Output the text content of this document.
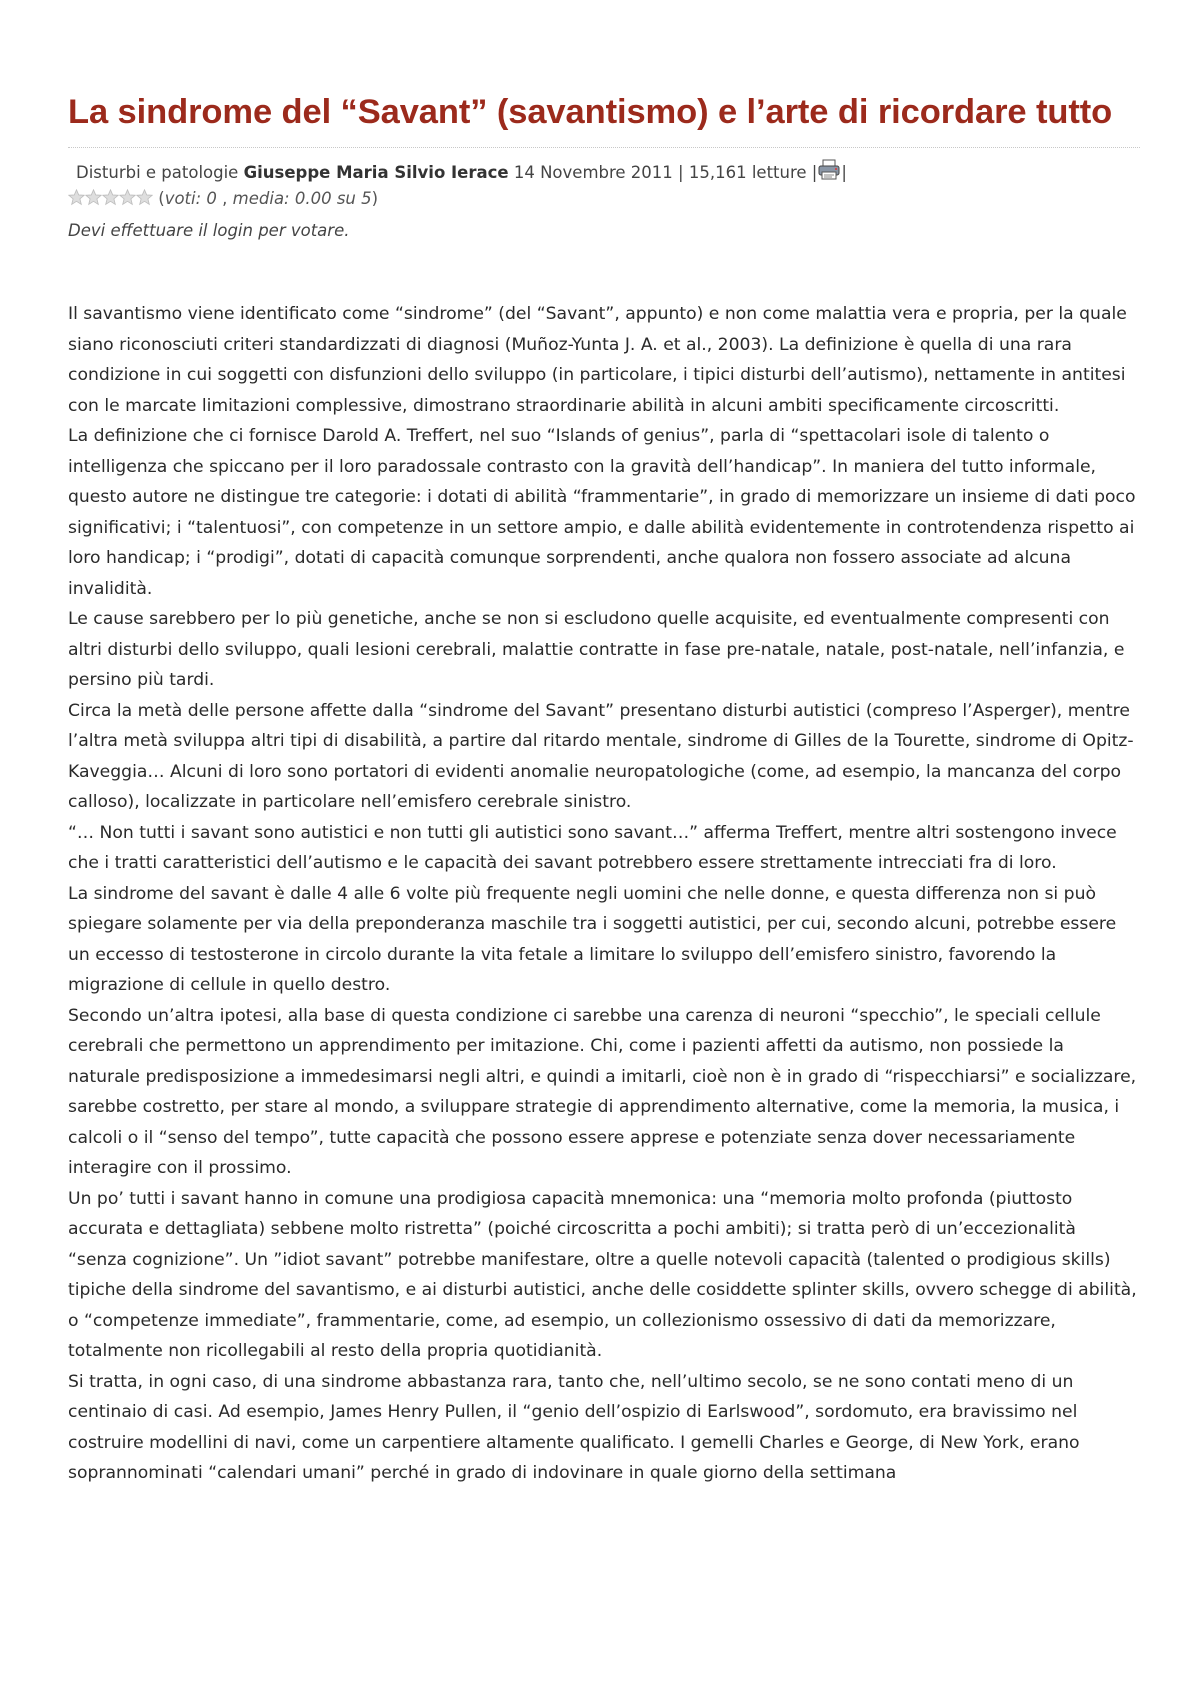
La sindrome del “Savant” (savantismo) e l’arte di ricordare tutto
Disturbi e patologie Giuseppe Maria Silvio Ierace 14 Novembre 2011 | 15,161 letture | |
(voti: 0 , media: 0.00 su 5)
Devi effettuare il login per votare.

Il savantismo viene identificato come “sindrome” (del “Savant”, appunto) e non come malattia vera e propria, per la quale siano riconosciuti criteri standardizzati di diagnosi (Muñoz-Yunta J. A. et al., 2003). La definizione è quella di una rara condizione in cui soggetti con disfunzioni dello sviluppo (in particolare, i tipici disturbi dell’autismo), nettamente in antitesi con le marcate limitazioni complessive, dimostrano straordinarie abilità in alcuni ambiti specificamente circoscritti.

La definizione che ci fornisce Darold A. Treffert, nel suo “Islands of genius”, parla di “spettacolari isole di talento o intelligenza che spiccano per il loro paradossale contrasto con la gravità dell’handicap”. In maniera del tutto informale, questo autore ne distingue tre categorie: i dotati di abilità “frammentarie”, in grado di memorizzare un insieme di dati poco significativi; i “talentuosi”, con competenze in un settore ampio, e dalle abilità evidentemente in controtendenza rispetto ai loro handicap; i “prodigi”, dotati di capacità comunque sorprendenti, anche qualora non fossero associate ad alcuna invalidità.

Le cause sarebbero per lo più genetiche, anche se non si escludono quelle acquisite, ed eventualmente compresenti con altri disturbi dello sviluppo, quali lesioni cerebrali, malattie contratte in fase pre-natale, natale, post-natale, nell’infanzia, e persino più tardi.

Circa la metà delle persone affette dalla “sindrome del Savant” presentano disturbi autistici (compreso l’Asperger), mentre l’altra metà sviluppa altri tipi di disabilità, a partire dal ritardo mentale, sindrome di Gilles de la Tourette, sindrome di Opitz-Kaveggia… Alcuni di loro sono portatori di evidenti anomalie neuropatologiche (come, ad esempio, la mancanza del corpo calloso), localizzate in particolare nell’emisfero cerebrale sinistro.

“… Non tutti i savant sono autistici e non tutti gli autistici sono savant…” afferma Treffert, mentre altri sostengono invece che i tratti caratteristici dell’autismo e le capacità dei savant potrebbero essere strettamente intrecciati fra di loro.

La sindrome del savant è dalle 4 alle 6 volte più frequente negli uomini che nelle donne, e questa differenza non si può spiegare solamente per via della preponderanza maschile tra i soggetti autistici, per cui, secondo alcuni, potrebbe essere un eccesso di testosterone in circolo durante la vita fetale a limitare lo sviluppo dell’emisfero sinistro, favorendo la migrazione di cellule in quello destro.

Secondo un’altra ipotesi, alla base di questa condizione ci sarebbe una carenza di neuroni “specchio”, le speciali cellule cerebrali che permettono un apprendimento per imitazione. Chi, come i pazienti affetti da autismo, non possiede la naturale predisposizione a immedesimarsi negli altri, e quindi a imitarli, cioè non è in grado di “rispecchiarsi” e socializzare, sarebbe costretto, per stare al mondo, a sviluppare strategie di apprendimento alternative, come la memoria, la musica, i calcoli o il “senso del tempo”, tutte capacità che possono essere apprese e potenziate senza dover necessariamente interagire con il prossimo.

Un po’ tutti i savant hanno in comune una prodigiosa capacità mnemonica: una “memoria molto profonda (piuttosto accurata e dettagliata) sebbene molto ristretta” (poiché circoscritta a pochi ambiti); si tratta però di un’eccezionalità “senza cognizione”. Un ”idiot savant” potrebbe manifestare, oltre a quelle notevoli capacità (talented o prodigious skills) tipiche della sindrome del savantismo, e ai disturbi autistici, anche delle cosiddette splinter skills, ovvero schegge di abilità, o “competenze immediate”, frammentarie, come, ad esempio, un collezionismo ossessivo di dati da memorizzare, totalmente non ricollegabili al resto della propria quotidianità.

Si tratta, in ogni caso, di una sindrome abbastanza rara, tanto che, nell’ultimo secolo, se ne sono contati meno di un centinaio di casi. Ad esempio, James Henry Pullen, il “genio dell’ospizio di Earlswood”, sordomuto, era bravissimo nel costruire modellini di navi, come un carpentiere altamente qualificato. I gemelli Charles e George, di New York, erano soprannominati “calendari umani” perché in grado di indovinare in quale giorno della settimana
